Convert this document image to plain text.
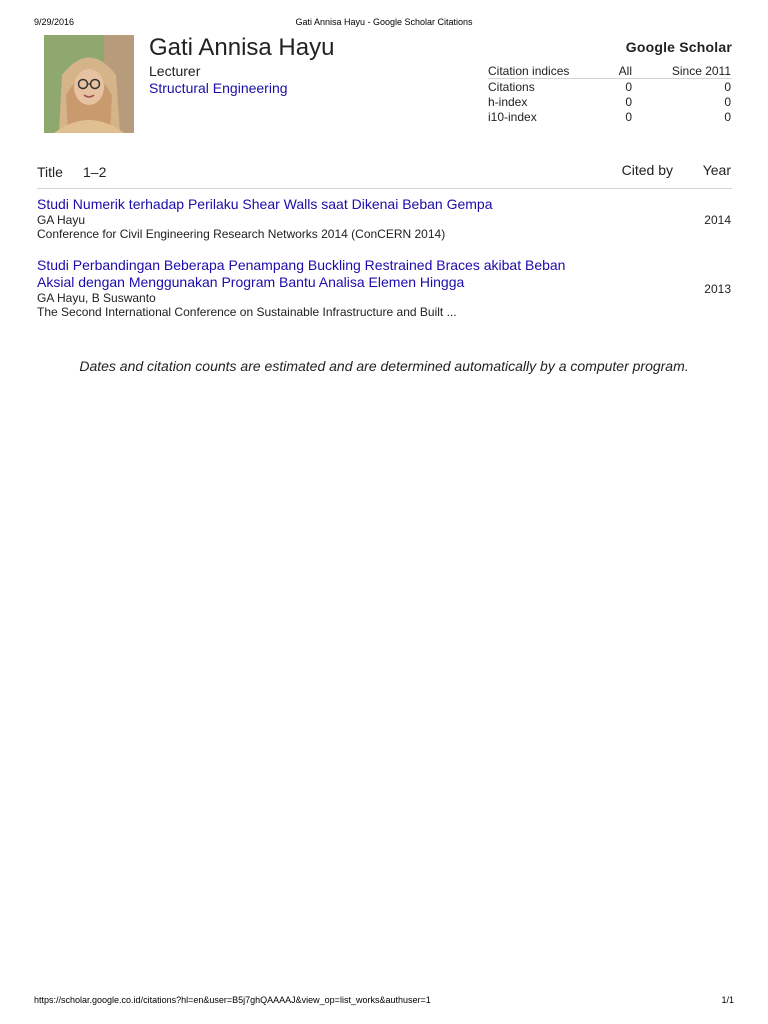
9/29/2016	Gati Annisa Hayu - Google Scholar Citations
Gati Annisa Hayu
Lecturer
Structural Engineering
Google Scholar
Citation indices	All	Since 2011
Citations	0	0
h-index	0	0
i10-index	0	0
Title 1–2	Cited by Year
Studi Numerik terhadap Perilaku Shear Walls saat Dikenai Beban Gempa
GA Hayu
Conference for Civil Engineering Research Networks 2014 (ConCERN 2014)
2014
Studi Perbandingan Beberapa Penampang Buckling Restrained Braces akibat Beban Aksial dengan Menggunakan Program Bantu Analisa Elemen Hingga
GA Hayu, B Suswanto
The Second International Conference on Sustainable Infrastructure and Built ...
2013
Dates and citation counts are estimated and are determined automatically by a computer program.
https://scholar.google.co.id/citations?hl=en&user=B5j7ghQAAAAJ&view_op=list_works&authuser=1	1/1
